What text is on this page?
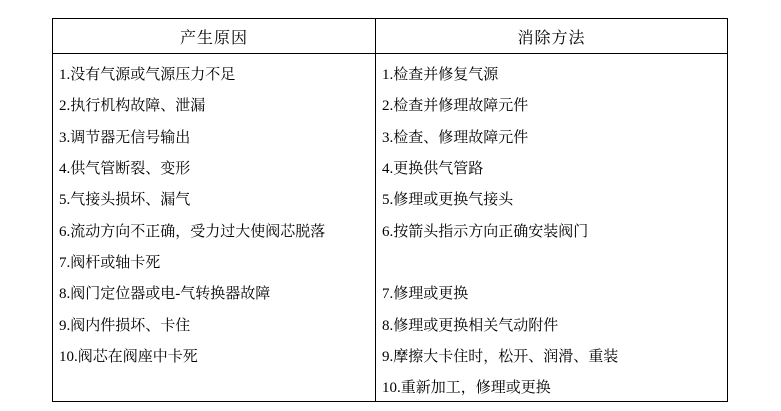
产生原因	消除方法
1.没有气源或气源压力不足
2.执行机构故障、泄漏
3.调节器无信号输出
4.供气管断裂、变形
5.气接头损坏、漏气
6.流动方向不正确，受力过大使阀芯脱落
7.阀杆或轴卡死
8.阀门定位器或电-气转换器故障
9.阀内件损坏、卡住
10.阀芯在阀座中卡死
1.检查并修复气源
2.检查并修理故障元件
3.检查、修理故障元件
4.更换供气管路
5.修理或更换气接头
6.按箭头指示方向正确安装阀门
7.修理或更换
8.修理或更换相关气动附件
9.摩擦大卡住时，松开、润滑、重装
10.重新加工，修理或更换
